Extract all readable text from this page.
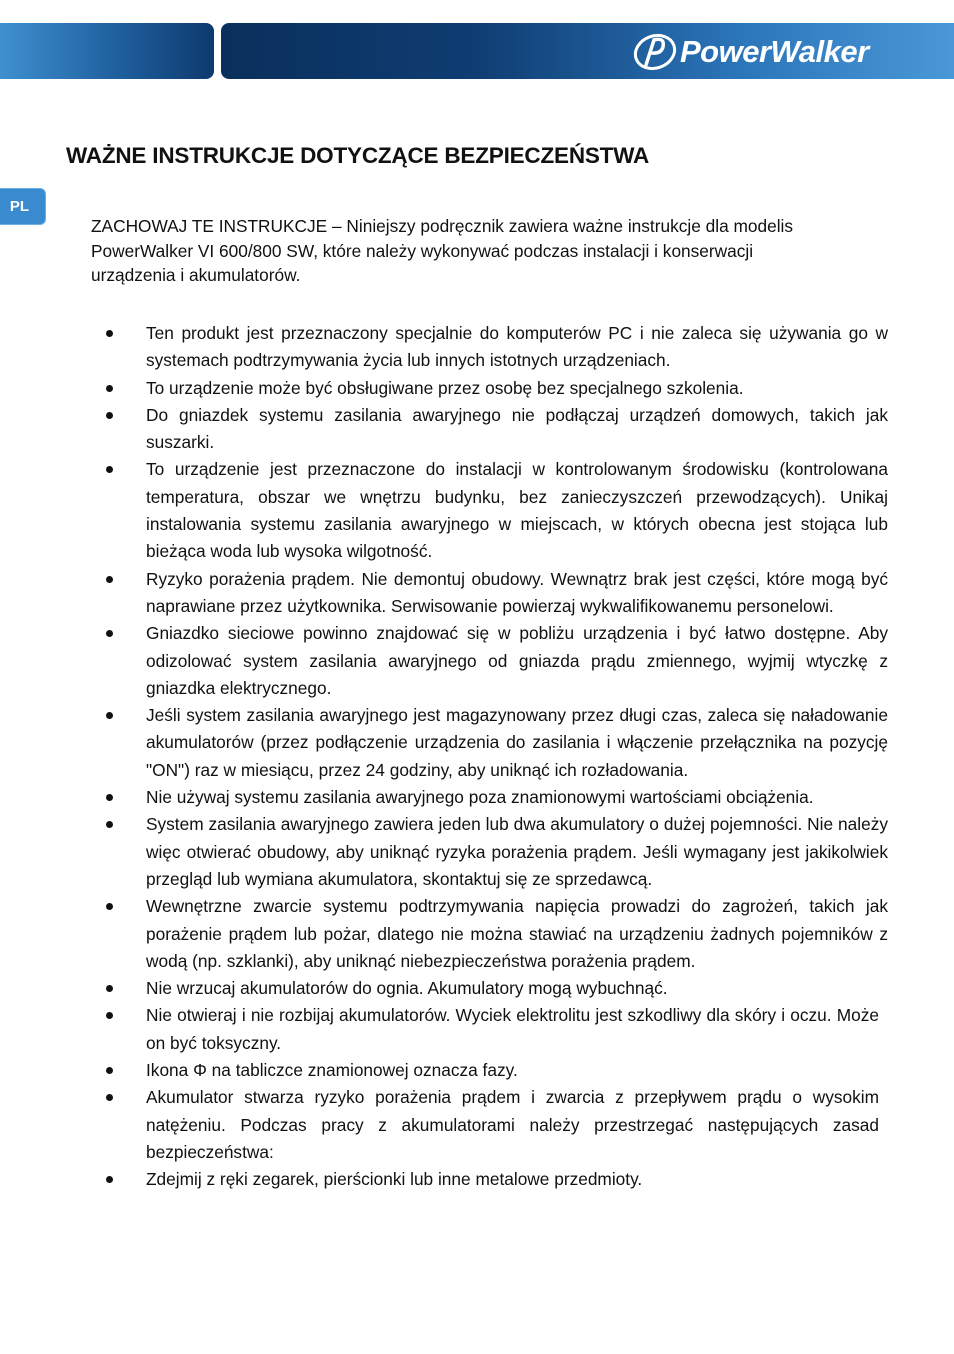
PowerWalker
PL
WAŻNE INSTRUKCJE DOTYCZĄCE BEZPIECZEŃSTWA

ZACHOWAJ TE INSTRUKCJE – Niniejszy podręcznik zawiera ważne instrukcje dla modelis PowerWalker VI 600/800 SW, które należy wykonywać podczas instalacji i konserwacji urządzenia i akumulatorów.

Ten produkt jest przeznaczony specjalnie do komputerów PC i nie zaleca się używania go w systemach podtrzymywania życia lub innych istotnych urządzeniach.
To urządzenie może być obsługiwane przez osobę bez specjalnego szkolenia.
Do gniazdek systemu zasilania awaryjnego nie podłączaj urządzeń domowych, takich jak suszarki.
To urządzenie jest przeznaczone do instalacji w kontrolowanym środowisku (kontrolowana temperatura, obszar we wnętrzu budynku, bez zanieczyszczeń przewodzących). Unikaj instalowania systemu zasilania awaryjnego w miejscach, w których obecna jest stojąca lub bieżąca woda lub wysoka wilgotność.
Ryzyko porażenia prądem. Nie demontuj obudowy. Wewnątrz brak jest części, które mogą być naprawiane przez użytkownika. Serwisowanie powierzaj wykwalifikowanemu personelowi.
Gniazdko sieciowe powinno znajdować się w pobliżu urządzenia i być łatwo dostępne. Aby odizolować system zasilania awaryjnego od gniazda prądu zmiennego, wyjmij wtyczkę z gniazdka elektrycznego.
Jeśli system zasilania awaryjnego jest magazynowany przez długi czas, zaleca się naładowanie akumulatorów (przez podłączenie urządzenia do zasilania i włączenie przełącznika na pozycję "ON") raz w miesiącu, przez 24 godziny, aby uniknąć ich rozładowania.
Nie używaj systemu zasilania awaryjnego poza znamionowymi wartościami obciążenia.
System zasilania awaryjnego zawiera jeden lub dwa akumulatory o dużej pojemności. Nie należy więc otwierać obudowy, aby uniknąć ryzyka porażenia prądem. Jeśli wymagany jest jakikolwiek przegląd lub wymiana akumulatora, skontaktuj się ze sprzedawcą.
Wewnętrzne zwarcie systemu podtrzymywania napięcia prowadzi do zagrożeń, takich jak porażenie prądem lub pożar, dlatego nie można stawiać na urządzeniu żadnych pojemników z wodą (np. szklanki), aby uniknąć niebezpieczeństwa porażenia prądem.
Nie wrzucaj akumulatorów do ognia. Akumulatory mogą wybuchnąć.
Nie otwieraj i nie rozbijaj akumulatorów. Wyciek elektrolitu jest szkodliwy dla skóry i oczu. Może on być toksyczny.
Ikona Φ na tabliczce znamionowej oznacza fazy.
Akumulator stwarza ryzyko porażenia prądem i zwarcia z przepływem prądu o wysokim natężeniu. Podczas pracy z akumulatorami należy przestrzegać następujących zasad bezpieczeństwa:
Zdejmij z ręki zegarek, pierścionki lub inne metalowe przedmioty.
